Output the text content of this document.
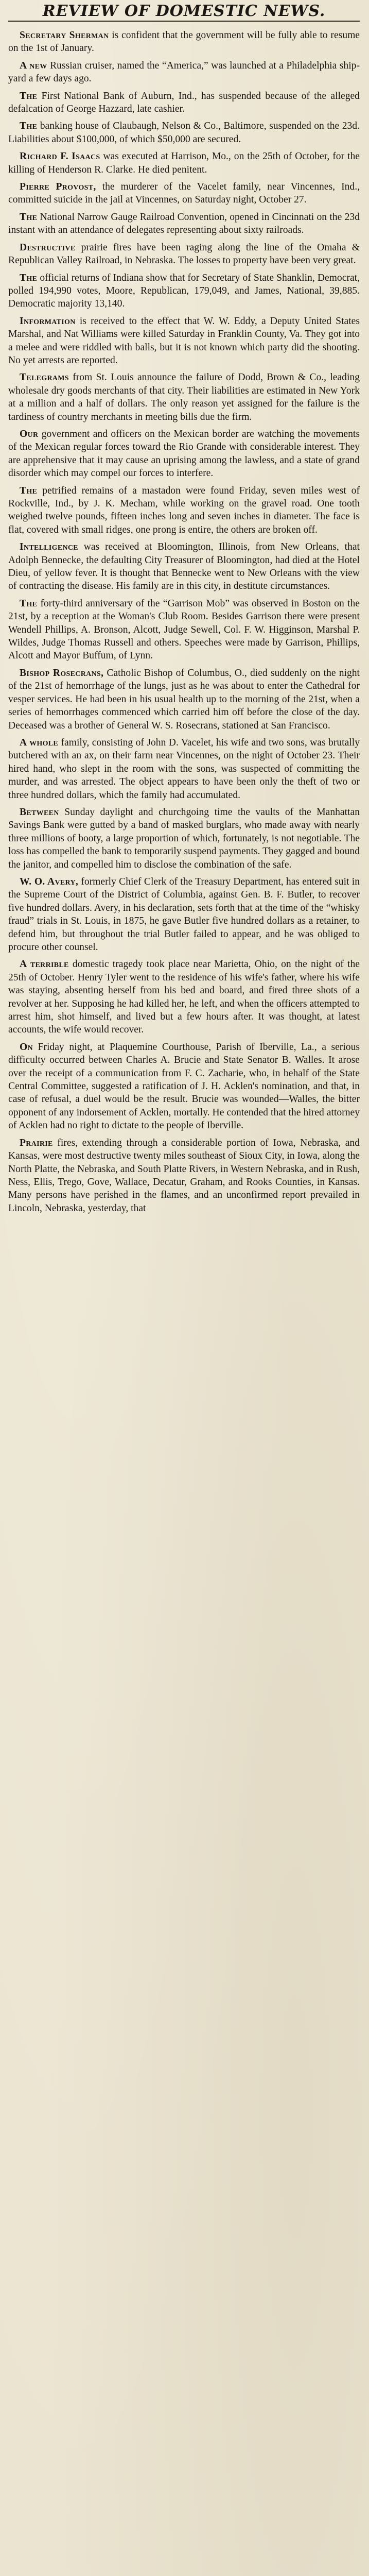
REVIEW OF DOMESTIC NEWS.

Secretary Sherman is confident that the government will be fully able to resume on the 1st of January.

A new Russian cruiser, named the “America,” was launched at a Philadelphia ship-yard a few days ago.

The First National Bank of Auburn, Ind., has suspended because of the alleged defalcation of George Hazzard, late cashier.

The banking house of Claubaugh, Nelson & Co., Baltimore, suspended on the 23d. Liabilities about $100,000, of which $50,000 are secured.

Richard F. Isaacs was executed at Harrison, Mo., on the 25th of October, for the killing of Henderson R. Clarke. He died penitent.

Pierre Provost, the murderer of the Vacelet family, near Vincennes, Ind., committed suicide in the jail at Vincennes, on Saturday night, October 27.

The National Narrow Gauge Railroad Convention, opened in Cincinnati on the 23d instant with an attendance of delegates representing about sixty railroads.

Destructive prairie fires have been raging along the line of the Omaha & Republican Valley Railroad, in Nebraska. The losses to property have been very great.

The official returns of Indiana show that for Secretary of State Shanklin, Democrat, polled 194,990 votes, Moore, Republican, 179,049, and James, National, 39,885. Democratic majority 13,140.

Information is received to the effect that W. W. Eddy, a Deputy United States Marshal, and Nat Williams were killed Saturday in Franklin County, Va. They got into a melee and were riddled with balls, but it is not known which party did the shooting. No yet arrests are reported.

Telegrams from St. Louis announce the failure of Dodd, Brown & Co., leading wholesale dry goods merchants of that city. Their liabilities are estimated in New York at a million and a half of dollars. The only reason yet assigned for the failure is the tardiness of country merchants in meeting bills due the firm.

Our government and officers on the Mexican border are watching the movements of the Mexican regular forces toward the Rio Grande with considerable interest. They are apprehensive that it may cause an uprising among the lawless, and a state of grand disorder which may compel our forces to interfere.

The petrified remains of a mastadon were found Friday, seven miles west of Rockville, Ind., by J. K. Mecham, while working on the gravel road. One tooth weighed twelve pounds, fifteen inches long and seven inches in diameter. The face is flat, covered with small ridges, one prong is entire, the others are broken off.

Intelligence was received at Bloomington, Illinois, from New Orleans, that Adolph Bennecke, the defaulting City Treasurer of Bloomington, had died at the Hotel Dieu, of yellow fever. It is thought that Bennecke went to New Orleans with the view of contracting the disease. His family are in this city, in destitute circumstances.

The forty-third anniversary of the “Garrison Mob” was observed in Boston on the 21st, by a reception at the Woman's Club Room. Besides Garrison there were present Wendell Phillips, A. Bronson, Alcott, Judge Sewell, Col. F. W. Higginson, Marshal P. Wildes, Judge Thomas Russell and others. Speeches were made by Garrison, Phillips, Alcott and Mayor Buffum, of Lynn.

Bishop Rosecrans, Catholic Bishop of Columbus, O., died suddenly on the night of the 21st of hemorrhage of the lungs, just as he was about to enter the Cathedral for vesper services. He had been in his usual health up to the morning of the 21st, when a series of hemorrhages commenced which carried him off before the close of the day. Deceased was a brother of General W. S. Rosecrans, stationed at San Francisco.

A whole family, consisting of John D. Vacelet, his wife and two sons, was brutally butchered with an ax, on their farm near Vincennes, on the night of October 23. Their hired hand, who slept in the room with the sons, was suspected of committing the murder, and was arrested. The object appears to have been only the theft of two or three hundred dollars, which the family had accumulated.

Between Sunday daylight and churchgoing time the vaults of the Manhattan Savings Bank were gutted by a band of masked burglars, who made away with nearly three millions of booty, a large proportion of which, fortunately, is not negotiable. The loss has compelled the bank to temporarily suspend payments. They gagged and bound the janitor, and compelled him to disclose the combination of the safe.

W. O. Avery, formerly Chief Clerk of the Treasury Department, has entered suit in the Supreme Court of the District of Columbia, against Gen. B. F. Butler, to recover five hundred dollars. Avery, in his declaration, sets forth that at the time of the “whisky fraud” trials in St. Louis, in 1875, he gave Butler five hundred dollars as a retainer, to defend him, but throughout the trial Butler failed to appear, and he was obliged to procure other counsel.

A terrible domestic tragedy took place near Marietta, Ohio, on the night of the 25th of October. Henry Tyler went to the residence of his wife's father, where his wife was staying, absenting herself from his bed and board, and fired three shots of a revolver at her. Supposing he had killed her, he left, and when the officers attempted to arrest him, shot himself, and lived but a few hours after. It was thought, at latest accounts, the wife would recover.

On Friday night, at Plaquemine Courthouse, Parish of Iberville, La., a serious difficulty occurred between Charles A. Brucie and State Senator B. Walles. It arose over the receipt of a communication from F. C. Zacharie, who, in behalf of the State Central Committee, suggested a ratification of J. H. Acklen's nomination, and that, in case of refusal, a duel would be the result. Brucie was wounded—Walles, the bitter opponent of any indorsement of Acklen, mortally. He contended that the hired attorney of Acklen had no right to dictate to the people of Iberville.

Prairie fires, extending through a considerable portion of Iowa, Nebraska, and Kansas, were most destructive twenty miles southeast of Sioux City, in Iowa, along the North Platte, the Nebraska, and South Platte Rivers, in Western Nebraska, and in Rush, Ness, Ellis, Trego, Gove, Wallace, Decatur, Graham, and Rooks Counties, in Kansas. Many persons have perished in the flames, and an unconfirmed report prevailed in Lincoln, Nebraska, yesterday, that
